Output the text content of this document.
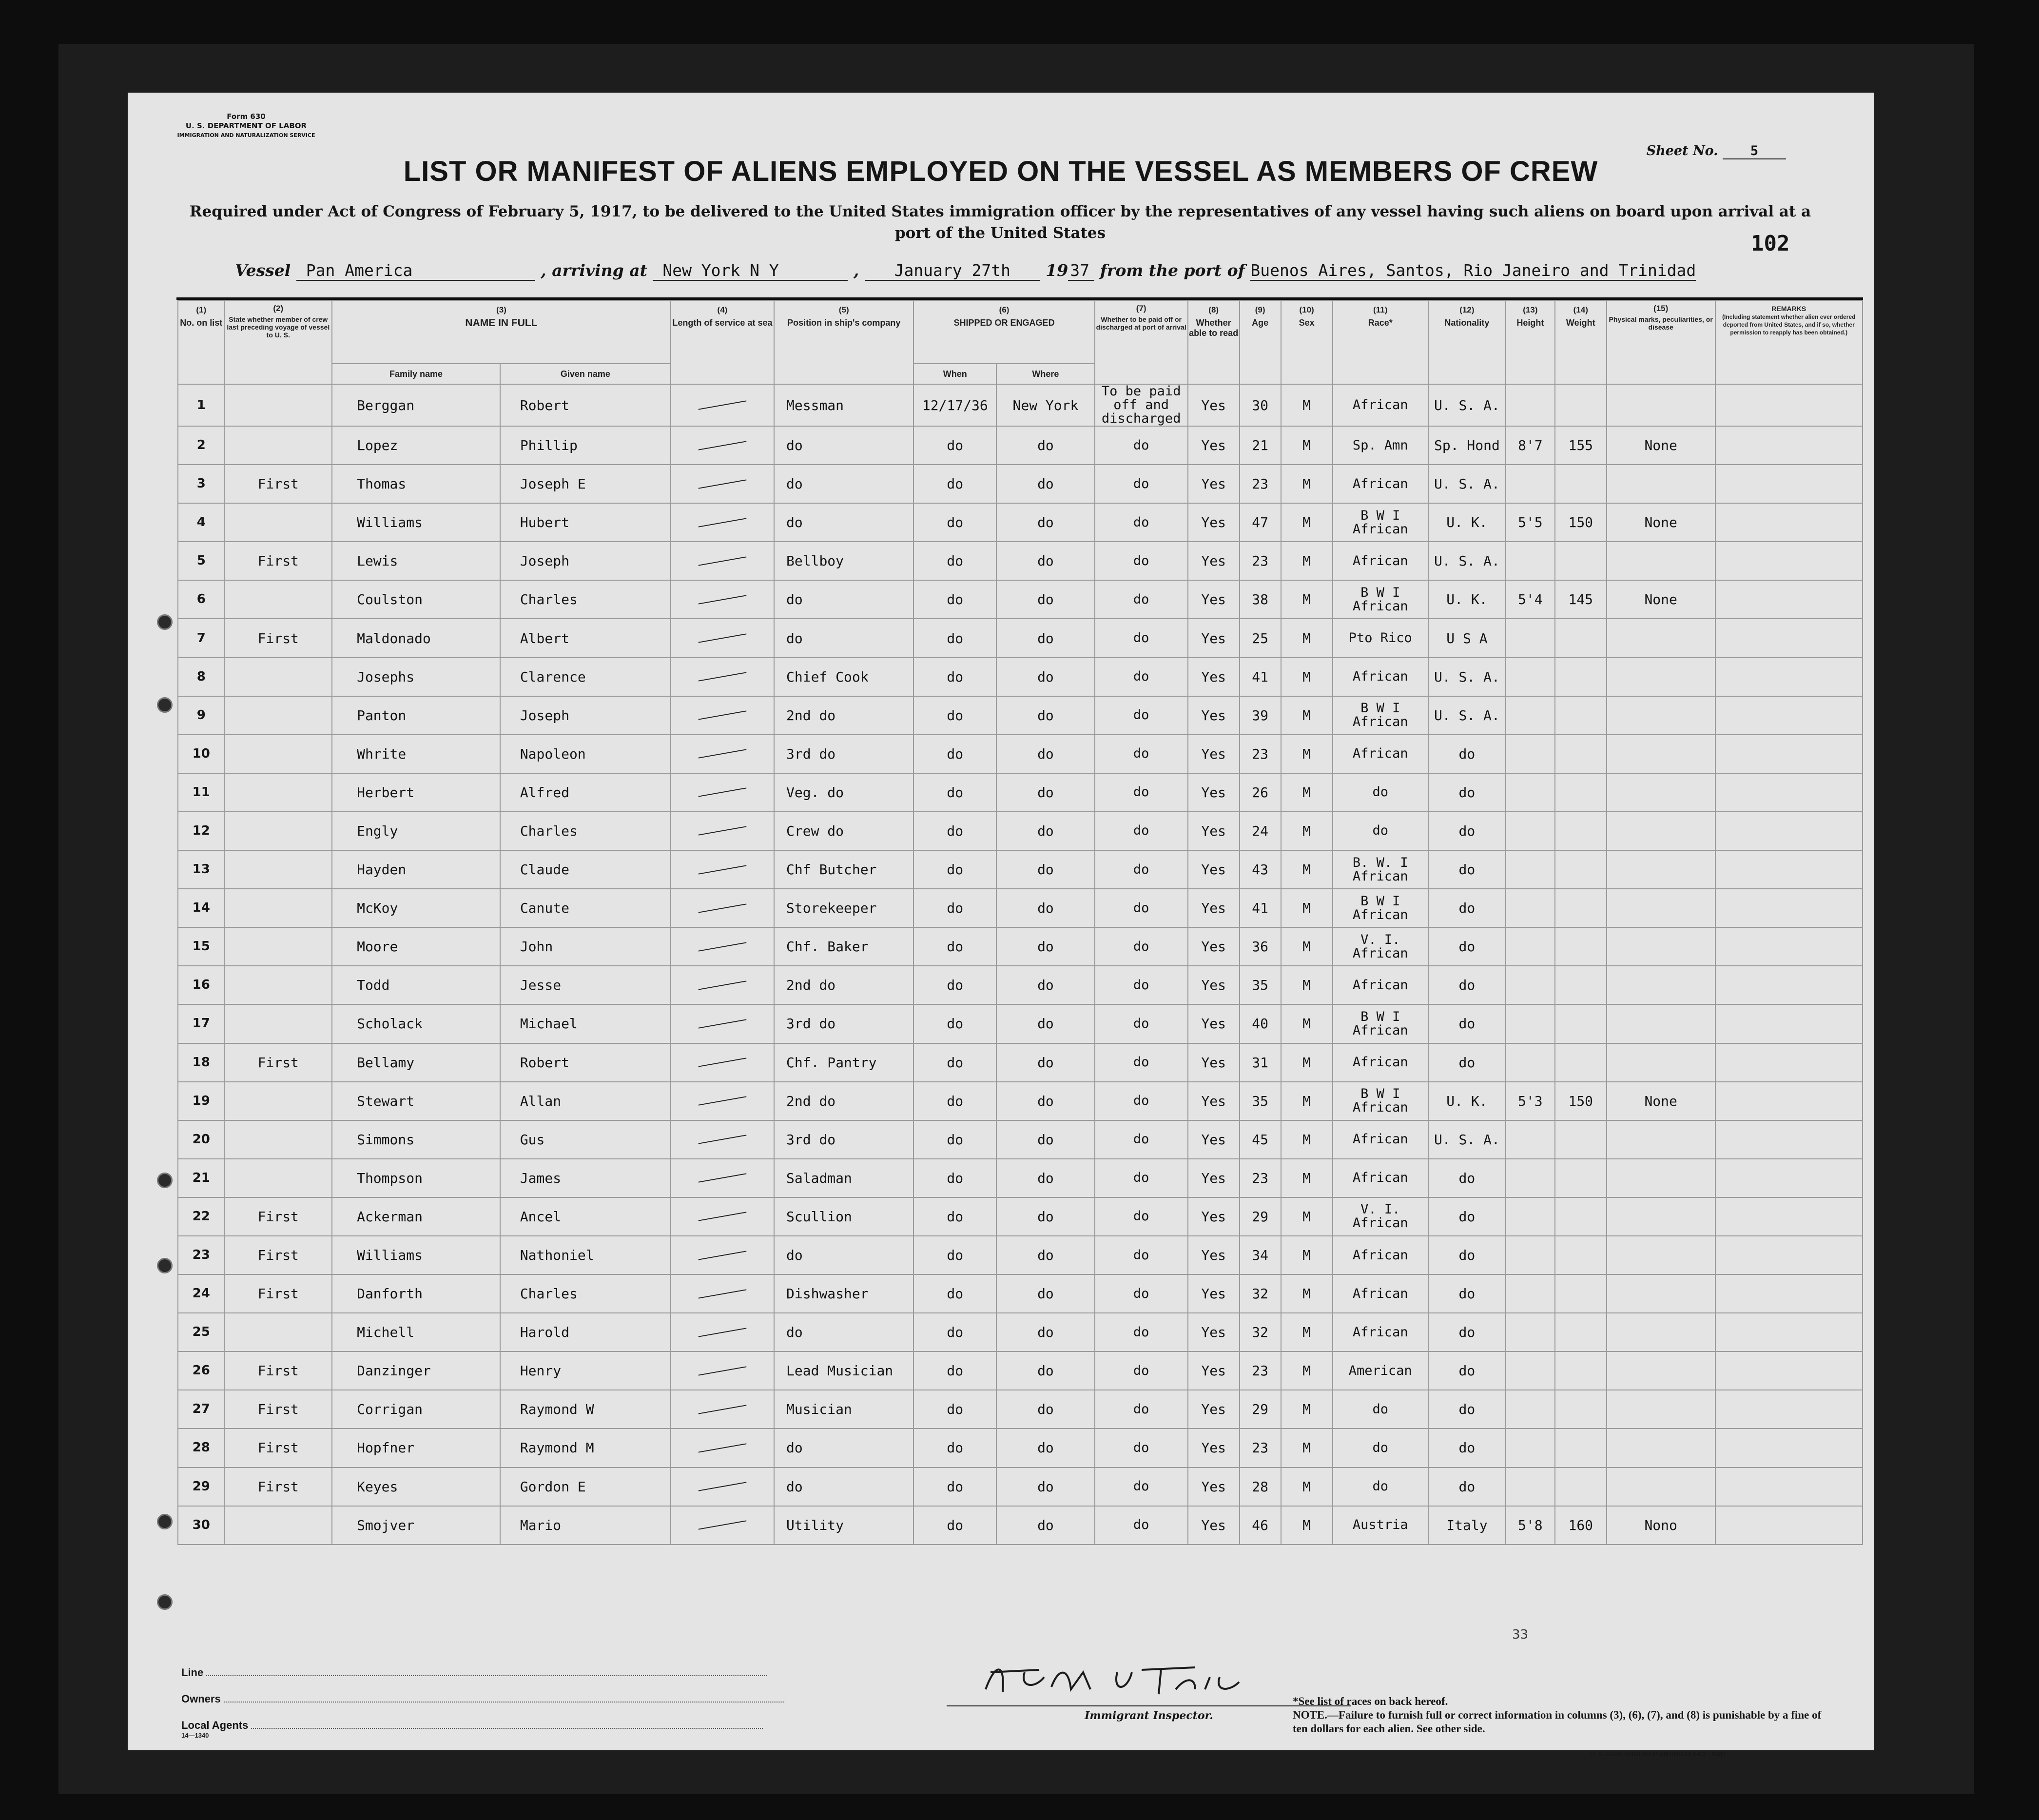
Form 630
U. S. DEPARTMENT OF LABOR
IMMIGRATION AND NATURALIZATION SERVICE
Sheet No. 5
LIST OR MANIFEST OF ALIENS EMPLOYED ON THE VESSEL AS MEMBERS OF CREW
Required under Act of Congress of February 5, 1917, to be delivered to the United States immigration officer by the representatives of any vessel having such aliens on board upon arrival at a port of the United States	102
Vessel Pan America	, arriving at New York N Y	, January 27th 19 37 from the port of Buenos Aires, Santos, Rio Janeiro and Trinidad
(1)
No. on list	(2)
State whether member of crew last preceding voyage of vessel to U. S.	(3)
NAME IN FULL		(4)
Length of service at sea	(5)
Position in ship's company	(6)
SHIPPED OR ENGAGED		(7)
Whether to be paid off or discharged at port of arrival	(8)
Whether able to read	(9)
Age	(10)
Sex	(11)
Race*	(12)
Nationality	(13)
Height	(14)
Weight	(15)
Physical marks, peculiarities, or disease	REMARKS
(Including statement whether alien ever ordered deported from United States, and if so, whether permission to reapply has been obtained.)
		Family name	Given name			When	Where										
1		Berggan	Robert		Messman	12/17/36	New York	To be paid off and discharged	Yes	30	M	African	U. S. A.				
2		Lopez	Phillip		do	do	do	do	Yes	21	M	Sp. Amn	Sp. Hond	8'7	155	None	
3	First	Thomas	Joseph E		do	do	do	do	Yes	23	M	African	U. S. A.				
4		Williams	Hubert		do	do	do	do	Yes	47	M	B W I African	U. K.	5'5	150	None	
5	First	Lewis	Joseph		Bellboy	do	do	do	Yes	23	M	African	U. S. A.				
6		Coulston	Charles		do	do	do	do	Yes	38	M	B W I African	U. K.	5'4	145	None	
7	First	Maldonado	Albert		do	do	do	do	Yes	25	M	Pto Rico	U S A				
8		Josephs	Clarence		Chief Cook	do	do	do	Yes	41	M	African	U. S. A.				
9		Panton	Joseph		2nd do	do	do	do	Yes	39	M	B W I African	U. S. A.				
10		Whrite	Napoleon		3rd do	do	do	do	Yes	23	M	African	do				
11		Herbert	Alfred		Veg. do	do	do	do	Yes	26	M	do	do				
12		Engly	Charles		Crew do	do	do	do	Yes	24	M	do	do				
13		Hayden	Claude		Chf Butcher	do	do	do	Yes	43	M	B. W. I African	do				
14		McKoy	Canute		Storekeeper	do	do	do	Yes	41	M	B W I African	do				
15		Moore	John		Chf. Baker	do	do	do	Yes	36	M	V. I. African	do				
16		Todd	Jesse		2nd do	do	do	do	Yes	35	M	African	do				
17		Scholack	Michael		3rd do	do	do	do	Yes	40	M	B W I African	do				
18	First	Bellamy	Robert		Chf. Pantry	do	do	do	Yes	31	M	African	do				
19		Stewart	Allan		2nd do	do	do	do	Yes	35	M	B W I African	U. K.	5'3	150	None	
20		Simmons	Gus		3rd do	do	do	do	Yes	45	M	African	U. S. A.				
21		Thompson	James		Saladman	do	do	do	Yes	23	M	African	do				
22	First	Ackerman	Ancel		Scullion	do	do	do	Yes	29	M	V. I. African	do				
23	First	Williams	Nathoniel		do	do	do	do	Yes	34	M	African	do				
24	First	Danforth	Charles		Dishwasher	do	do	do	Yes	32	M	African	do				
25		Michell	Harold		do	do	do	do	Yes	32	M	African	do				
26	First	Danzinger	Henry		Lead Musician	do	do	do	Yes	23	M	American	do				
27	First	Corrigan	Raymond W		Musician	do	do	do	Yes	29	M	do	do				
28	First	Hopfner	Raymond M		do	do	do	do	Yes	23	M	do	do				
29	First	Keyes	Gordon E		do	do	do	do	Yes	28	M	do	do				
30		Smojver	Mario		Utility	do	do	do	Yes	46	M	Austria	Italy	5'8	160	Nono	
Line
Owners
Local Agents
14—1340
Immigrant Inspector.
33
*See list of races on back hereof.
NOTE.—Failure to furnish full or correct information in columns (3), (6), (7), and (8) is punishable by a fine of ten dollars for each alien. See other side.
U. S. GOVERNMENT PRINTING OFFICE: 1934
